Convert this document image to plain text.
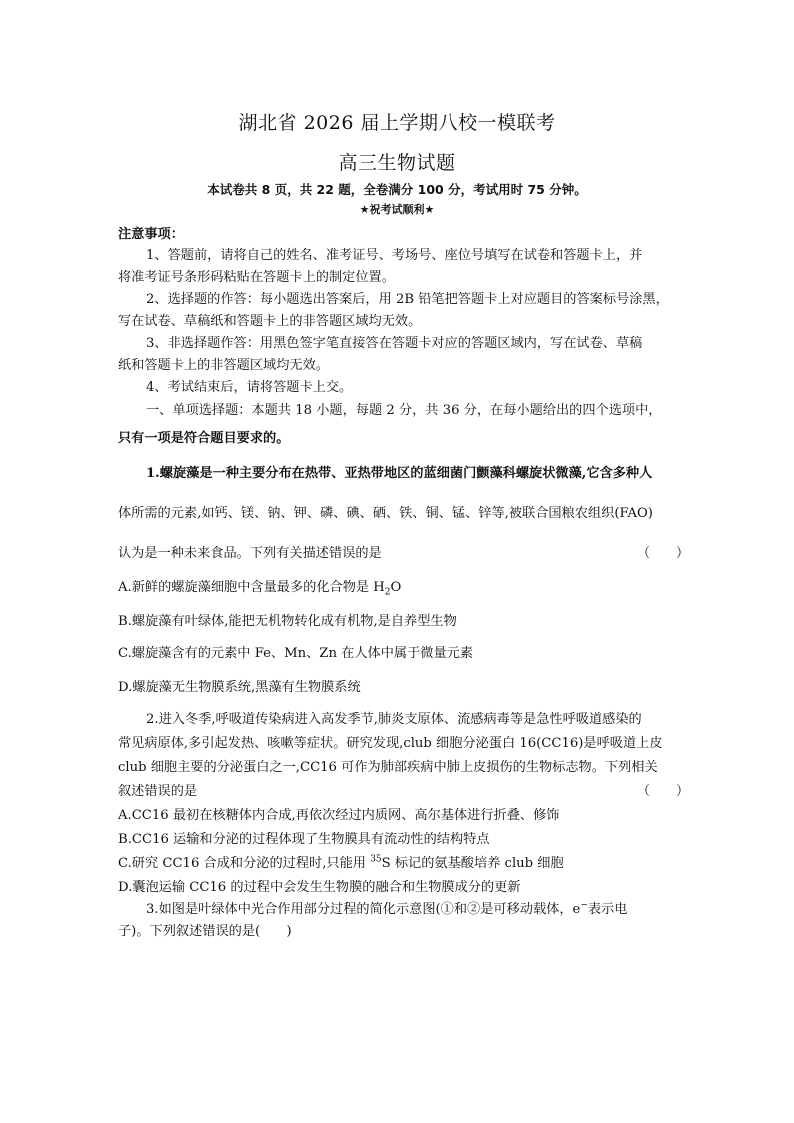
湖北省 2026 届上学期八校一模联考
高三生物试题
本试卷共 8 页，共 22 题，全卷满分 100 分，考试用时 75 分钟。
★祝考试顺利★
注意事项：
1、答题前，请将自己的姓名、准考证号、考场号、座位号填写在试卷和答题卡上，并
将准考证号条形码粘贴在答题卡上的制定位置。
2、选择题的作答：每小题选出答案后，用 2B 铅笔把答题卡上对应题目的答案标号涂黑，
写在试卷、草稿纸和答题卡上的非答题区域均无效。
3、非选择题作答：用黑色签字笔直接答在答题卡对应的答题区域内，写在试卷、草稿
纸和答题卡上的非答题区域均无效。
4、考试结束后，请将答题卡上交。
一、单项选择题：本题共 18 小题，每题 2 分，共 36 分，在每小题给出的四个选项中，
只有一项是符合题目要求的。
1.螺旋藻是一种主要分布在热带、亚热带地区的蓝细菌门颤藻科螺旋状微藻,它含多种人
体所需的元素,如钙、镁、钠、钾、磷、碘、硒、铁、铜、锰、锌等,被联合国粮农组织(FAO)
认为是一种未来食品。下列有关描述错误的是	（　　）
A.新鲜的螺旋藻细胞中含量最多的化合物是 $H_2O$
B.螺旋藻有叶绿体,能把无机物转化成有机物,是自养型生物
C.螺旋藻含有的元素中 Fe、Mn、Zn 在人体中属于微量元素
D.螺旋藻无生物膜系统,黑藻有生物膜系统
2.进入冬季,呼吸道传染病进入高发季节,肺炎支原体、流感病毒等是急性呼吸道感染的
常见病原体,多引起发热、咳嗽等症状。研究发现,club 细胞分泌蛋白 16(CC16)是呼吸道上皮
club 细胞主要的分泌蛋白之一,CC16 可作为肺部疾病中肺上皮损伤的生物标志物。下列相关
叙述错误的是	（　　）
A.CC16 最初在核糖体内合成,再依次经过内质网、高尔基体进行折叠、修饰
B.CC16 运输和分泌的过程体现了生物膜具有流动性的结构特点
C.研究 CC16 合成和分泌的过程时,只能用 $^{35}$S 标记的氨基酸培养 club 细胞
D.囊泡运输 CC16 的过程中会发生生物膜的融合和生物膜成分的更新
3.如图是叶绿体中光合作用部分过程的简化示意图(①和②是可移动载体，e−表示电
子)。下列叙述错误的是(　　)
